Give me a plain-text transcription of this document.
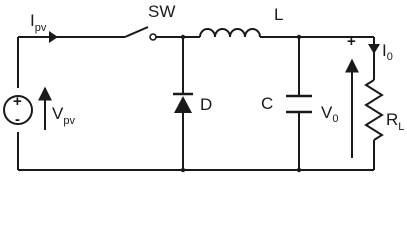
$I_{pv}$
SW	L
D	C	$V_0$
+
-
$I_0$
$R_L$
+
- $V_{pv}$
